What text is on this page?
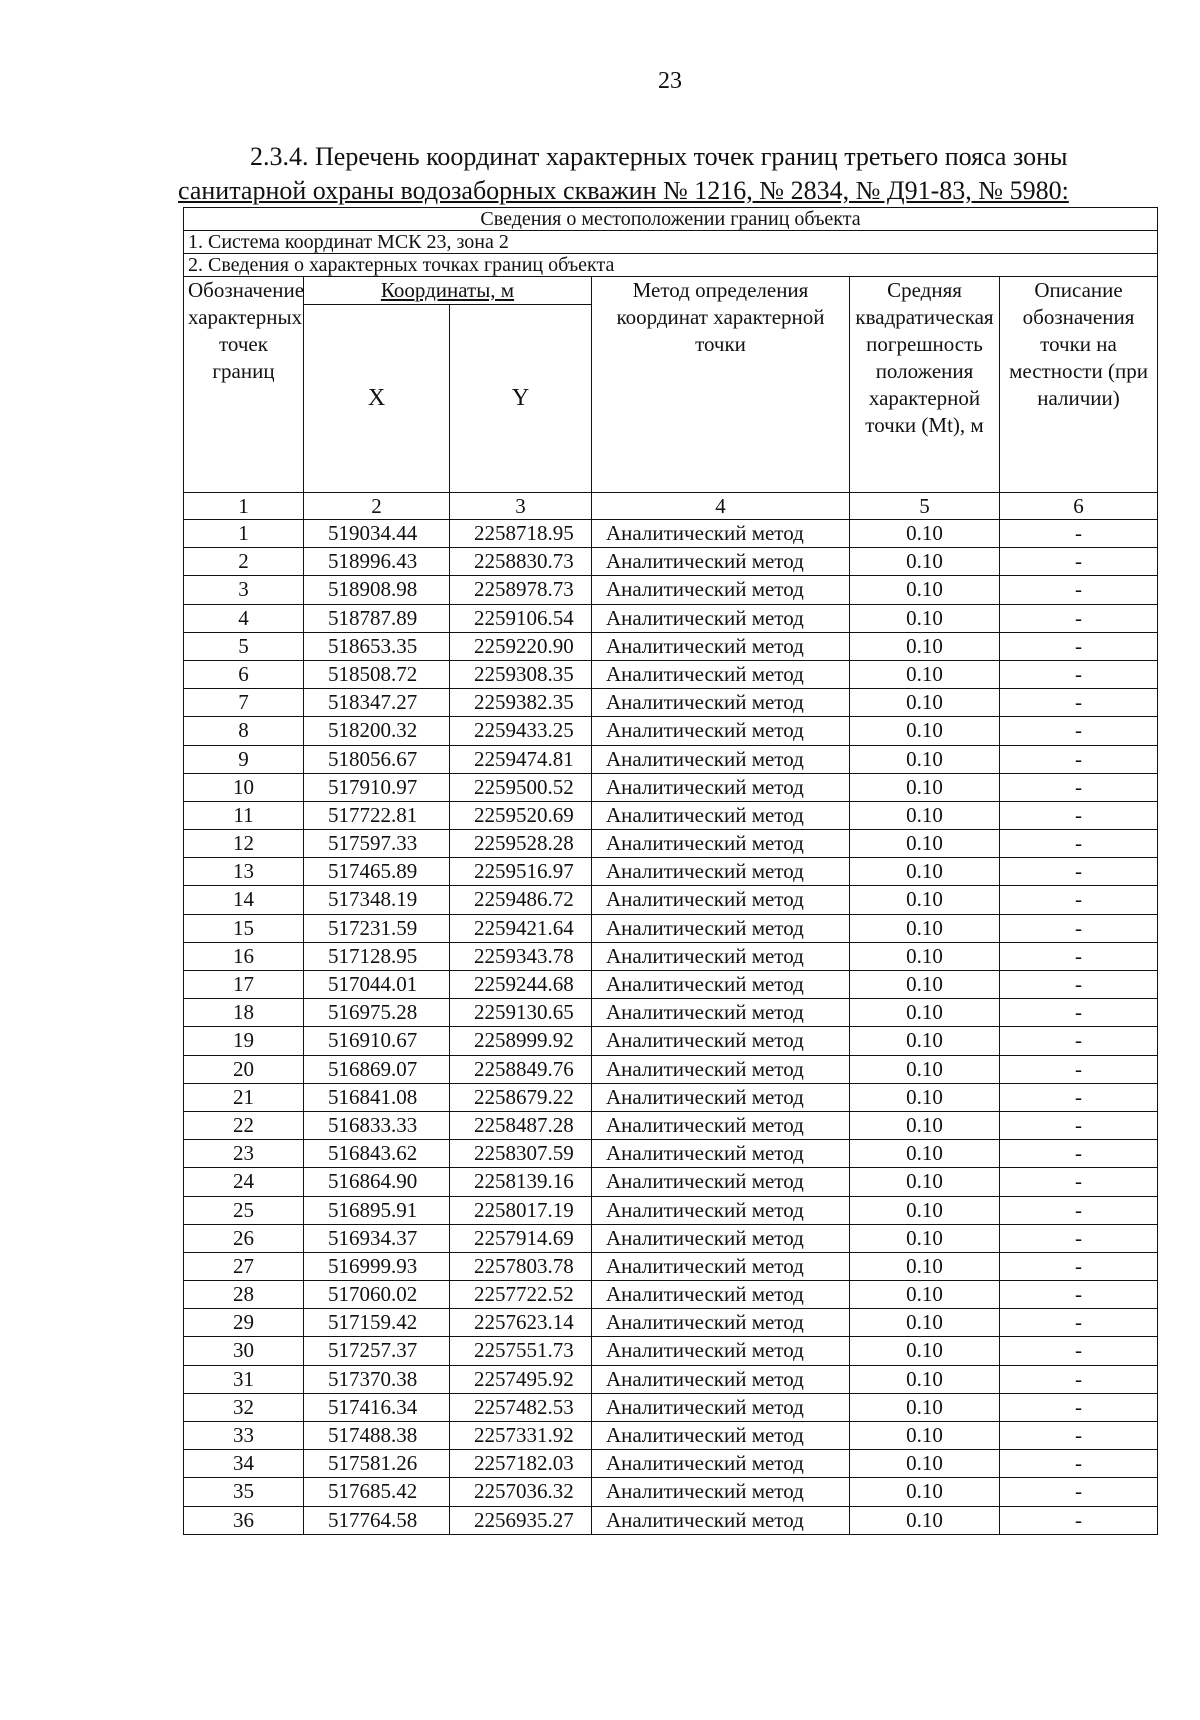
23
2.3.4. Перечень координат характерных точек границ третьего пояса зоны
санитарной охраны водозаборных скважин № 1216, № 2834, № Д91-83, № 5980:
Сведения о местоположении границ объекта					
1. Система координат МСК 23, зона 2					
2. Сведения о характерных точках границ объекта					
Обозначение характерных точек границ	Координаты, м		Метод определения координат характерной точки	Средняя квадратическая погрешность положения характерной точки (Mt), м	Описание обозначения точки на местности (при наличии)
	X	Y			
1	2	3	4	5	6
1	519034.44	2258718.95	Аналитический метод	0.10	-
2	518996.43	2258830.73	Аналитический метод	0.10	-
3	518908.98	2258978.73	Аналитический метод	0.10	-
4	518787.89	2259106.54	Аналитический метод	0.10	-
5	518653.35	2259220.90	Аналитический метод	0.10	-
6	518508.72	2259308.35	Аналитический метод	0.10	-
7	518347.27	2259382.35	Аналитический метод	0.10	-
8	518200.32	2259433.25	Аналитический метод	0.10	-
9	518056.67	2259474.81	Аналитический метод	0.10	-
10	517910.97	2259500.52	Аналитический метод	0.10	-
11	517722.81	2259520.69	Аналитический метод	0.10	-
12	517597.33	2259528.28	Аналитический метод	0.10	-
13	517465.89	2259516.97	Аналитический метод	0.10	-
14	517348.19	2259486.72	Аналитический метод	0.10	-
15	517231.59	2259421.64	Аналитический метод	0.10	-
16	517128.95	2259343.78	Аналитический метод	0.10	-
17	517044.01	2259244.68	Аналитический метод	0.10	-
18	516975.28	2259130.65	Аналитический метод	0.10	-
19	516910.67	2258999.92	Аналитический метод	0.10	-
20	516869.07	2258849.76	Аналитический метод	0.10	-
21	516841.08	2258679.22	Аналитический метод	0.10	-
22	516833.33	2258487.28	Аналитический метод	0.10	-
23	516843.62	2258307.59	Аналитический метод	0.10	-
24	516864.90	2258139.16	Аналитический метод	0.10	-
25	516895.91	2258017.19	Аналитический метод	0.10	-
26	516934.37	2257914.69	Аналитический метод	0.10	-
27	516999.93	2257803.78	Аналитический метод	0.10	-
28	517060.02	2257722.52	Аналитический метод	0.10	-
29	517159.42	2257623.14	Аналитический метод	0.10	-
30	517257.37	2257551.73	Аналитический метод	0.10	-
31	517370.38	2257495.92	Аналитический метод	0.10	-
32	517416.34	2257482.53	Аналитический метод	0.10	-
33	517488.38	2257331.92	Аналитический метод	0.10	-
34	517581.26	2257182.03	Аналитический метод	0.10	-
35	517685.42	2257036.32	Аналитический метод	0.10	-
36	517764.58	2256935.27	Аналитический метод	0.10	-
